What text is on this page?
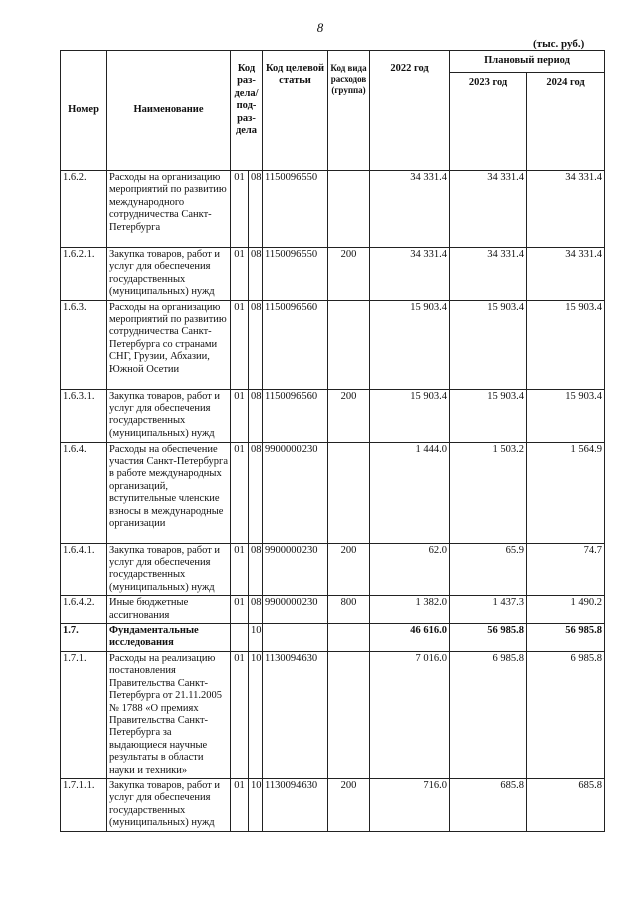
8
(тыс. руб.)
Номер	Наименование	Код раз-дела/ под-раз-дела		Код целевой статьи	Код вида расходов (группа)	2022 год	Плановый период	
							2023 год	2024 год
1.6.2.	Расходы на организацию мероприятий по развитию международного сотрудничества Санкт-Петербурга	01	08	1150096550		34 331.4	34 331.4	34 331.4
1.6.2.1.	Закупка товаров, работ и услуг для обеспечения государственных (муниципальных) нужд	01	08	1150096550	200	34 331.4	34 331.4	34 331.4
1.6.3.	Расходы на организацию мероприятий по развитию сотрудничества Санкт-Петербурга со странами СНГ, Грузии, Абхазии, Южной Осетии	01	08	1150096560		15 903.4	15 903.4	15 903.4
1.6.3.1.	Закупка товаров, работ и услуг для обеспечения государственных (муниципальных) нужд	01	08	1150096560	200	15 903.4	15 903.4	15 903.4
1.6.4.	Расходы на обеспечение участия Санкт-Петербурга в работе международных организаций, вступительные членские взносы в международные организации	01	08	9900000230		1 444.0	1 503.2	1 564.9
1.6.4.1.	Закупка товаров, работ и услуг для обеспечения государственных (муниципальных) нужд	01	08	9900000230	200	62.0	65.9	74.7
1.6.4.2.	Иные бюджетные ассигнования	01	08	9900000230	800	1 382.0	1 437.3	1 490.2
1.7.	Фундаментальные исследования		10			46 616.0	56 985.8	56 985.8
1.7.1.	Расходы на реализацию постановления Правительства Санкт-Петербурга от 21.11.2005 № 1788 «О премиях Правительства Санкт-Петербурга за выдающиеся научные результаты в области науки и техники»	01	10	1130094630		7 016.0	6 985.8	6 985.8
1.7.1.1.	Закупка товаров, работ и услуг для обеспечения государственных (муниципальных) нужд	01	10	1130094630	200	716.0	685.8	685.8
